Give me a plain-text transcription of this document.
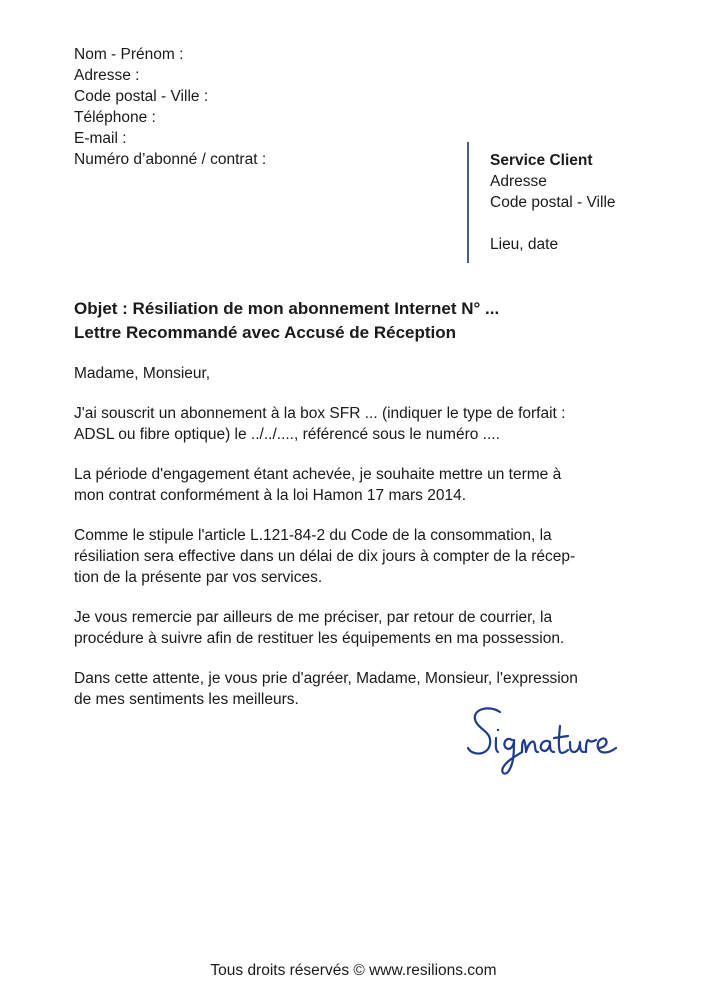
Nom - Prénom :
Adresse :
Code postal - Ville :
Téléphone :
E-mail :
Numéro d’abonné / contrat :	Service Client
Adresse
Code postal - Ville
Lieu, date
Objet : Résiliation de mon abonnement Internet N° ...
Lettre Recommandé avec Accusé de Réception

Madame, Monsieur,

J'ai souscrit un abonnement à la box SFR ... (indiquer le type de forfait :
ADSL ou fibre optique) le ../../...., référencé sous le numéro ....

La période d'engagement étant achevée, je souhaite mettre un terme à
mon contrat conformément à la loi Hamon 17 mars 2014.

Comme le stipule l'article L.121-84-2 du Code de la consommation, la
résiliation sera effective dans un délai de dix jours à compter de la récep-
tion de la présente par vos services.

Je vous remercie par ailleurs de me préciser, par retour de courrier, la
procédure à suivre afin de restituer les équipements en ma possession.

Dans cette attente, je vous prie d'agréer, Madame, Monsieur, l'expression
de mes sentiments les meilleurs.

Tous droits réservés © www.resilions.com
